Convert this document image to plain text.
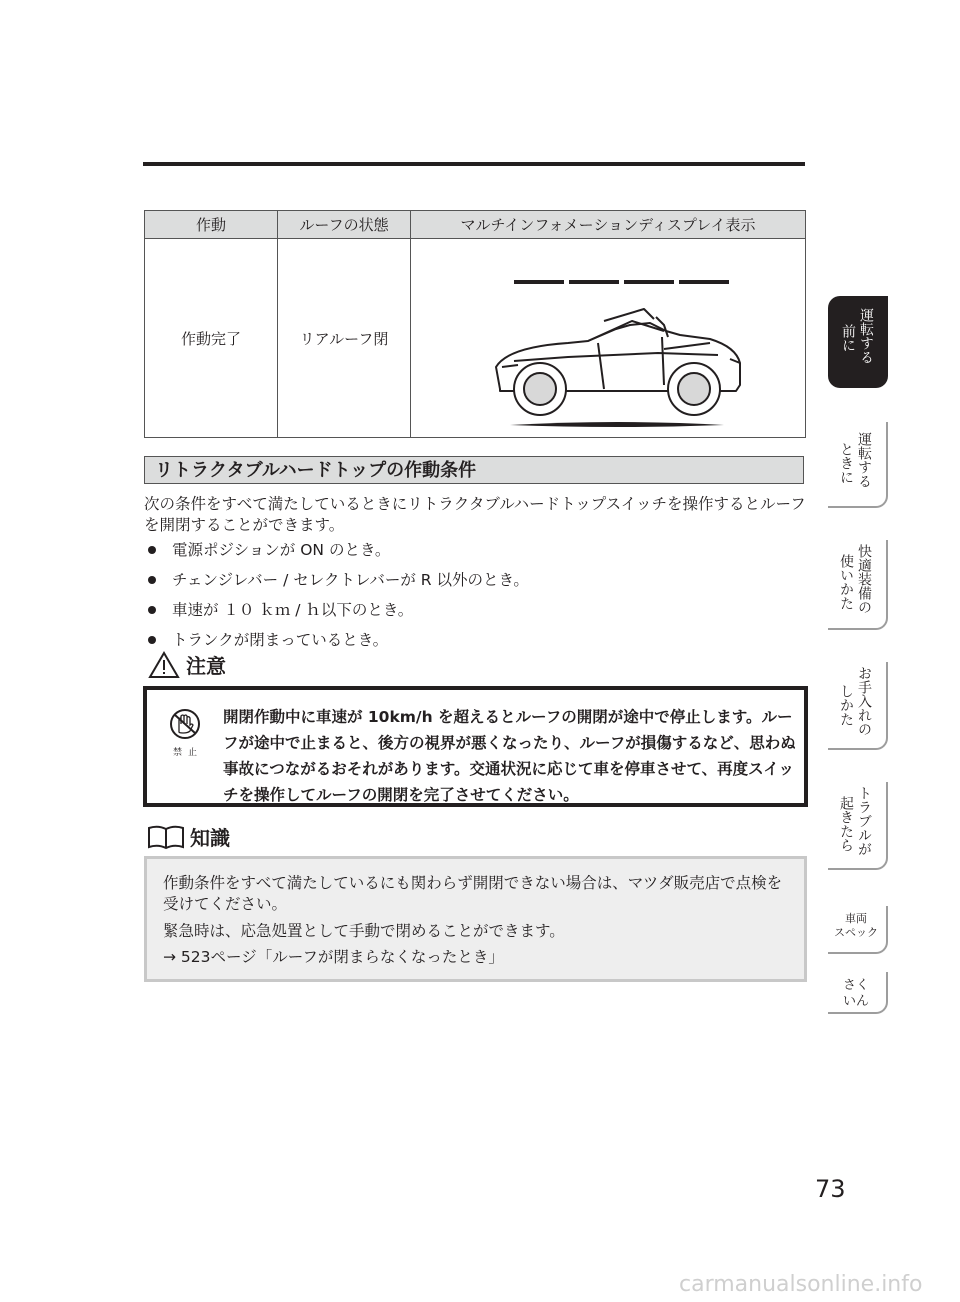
作動	ルーフの状態	マルチインフォメーションディスプレイ表示
作動完了	リアルーフ閉	
リトラクタブルハードトップの作動条件
次の条件をすべて満たしているときにリトラクタブルハードトップスイッチを操作するとルーフを開閉することができます。
電源ポジションが ON のとき。
チェンジレバー / セレクトレバーが R 以外のとき。
車速が １０ ｋｍ / ｈ以下のとき。
トランクが閉まっているとき。
注意
禁止
開閉作動中に車速が 10km/h を超えるとルーフの開閉が途中で停止します。ルーフが途中で止まると、後方の視界が悪くなったり、ルーフが損傷するなど、思わぬ事故につながるおそれがあります。交通状況に応じて車を停車させて、再度スイッチを操作してルーフの開閉を完了させてください。
知識
作動条件をすべて満たしているにも関わらず開閉できない場合は、マツダ販売店で点検を受けてください。
緊急時は、応急処置として手動で閉めることができます。
→ 523ページ「ルーフが閉まらなくなったとき」
運転する
前に
運転する
ときに
快適装備の
使いかた
お手入れの
しかた
トラブルが
起きたら
車両
スペック
さく
いん
73
carmanualsonline.info
